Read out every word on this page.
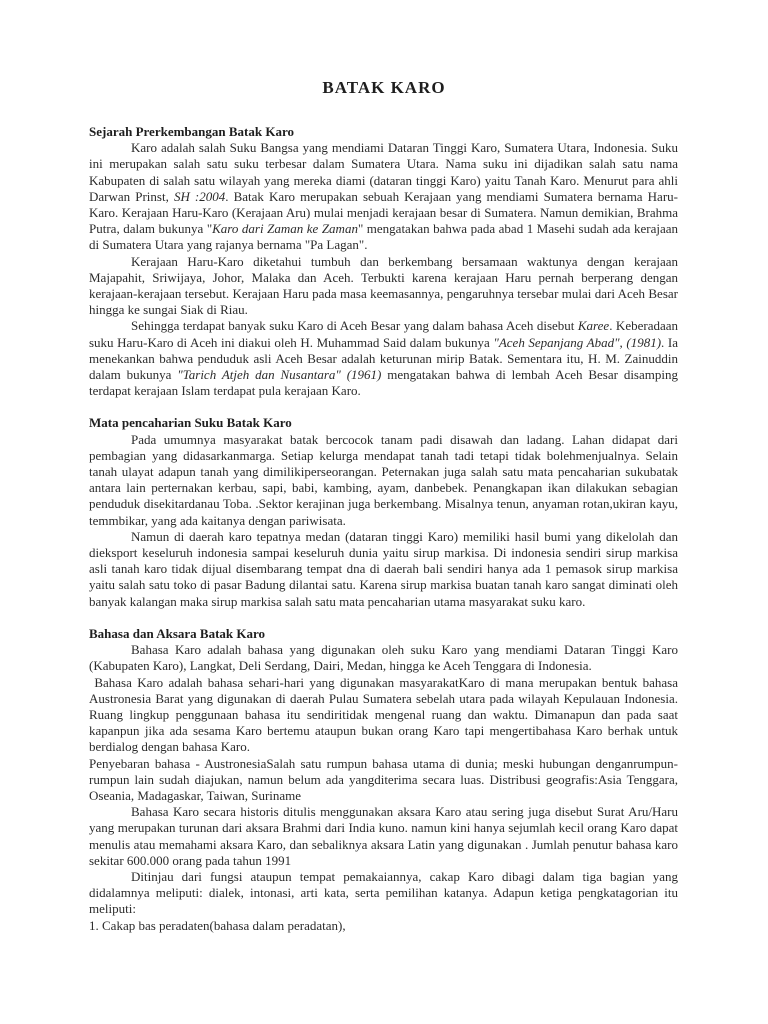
BATAK KARO
Sejarah Prerkembangan Batak Karo

Karo adalah salah Suku Bangsa yang mendiami Dataran Tinggi Karo, Sumatera Utara, Indonesia. Suku ini merupakan salah satu suku terbesar dalam Sumatera Utara. Nama suku ini dijadikan salah satu nama Kabupaten di salah satu wilayah yang mereka diami (dataran tinggi Karo) yaitu Tanah Karo. Menurut para ahli Darwan Prinst, SH :2004. Batak Karo merupakan sebuah Kerajaan yang mendiami Sumatera bernama Haru- Karo. Kerajaan Haru-Karo (Kerajaan Aru) mulai menjadi kerajaan besar di Sumatera. Namun demikian, Brahma Putra, dalam bukunya "Karo dari Zaman ke Zaman" mengatakan bahwa pada abad 1 Masehi sudah ada kerajaan di Sumatera Utara yang rajanya bernama "Pa Lagan".

Kerajaan Haru-Karo diketahui tumbuh dan berkembang bersamaan waktunya dengan kerajaan Majapahit, Sriwijaya, Johor, Malaka dan Aceh. Terbukti karena kerajaan Haru pernah berperang dengan kerajaan-kerajaan tersebut. Kerajaan Haru pada masa keemasannya, pengaruhnya tersebar mulai dari Aceh Besar hingga ke sungai Siak di Riau.

Sehingga terdapat banyak suku Karo di Aceh Besar yang dalam bahasa Aceh disebut Karee. Keberadaan suku Haru-Karo di Aceh ini diakui oleh H. Muhammad Said dalam bukunya "Aceh Sepanjang Abad", (1981). Ia menekankan bahwa penduduk asli Aceh Besar adalah keturunan mirip Batak. Sementara itu, H. M. Zainuddin dalam bukunya "Tarich Atjeh dan Nusantara" (1961) mengatakan bahwa di lembah Aceh Besar disamping terdapat kerajaan Islam terdapat pula kerajaan Karo.

Mata pencaharian Suku Batak Karo

Pada umumnya masyarakat batak bercocok tanam padi disawah dan ladang. Lahan didapat dari pembagian yang didasarkanmarga. Setiap kelurga mendapat tanah tadi tetapi tidak bolehmenjualnya. Selain tanah ulayat adapun tanah yang dimilikiperseorangan. Peternakan juga salah satu mata pencaharian sukubatak antara lain perternakan kerbau, sapi, babi, kambing, ayam, danbebek. Penangkapan ikan dilakukan sebagian penduduk disekitardanau Toba. .Sektor kerajinan juga berkembang. Misalnya tenun, anyaman rotan,ukiran kayu, temmbikar, yang ada kaitanya dengan pariwisata.

Namun di daerah karo tepatnya medan (dataran tinggi Karo) memiliki hasil bumi yang dikelolah dan dieksport keseluruh indonesia sampai keseluruh dunia yaitu sirup markisa. Di indonesia sendiri sirup markisa asli tanah karo tidak dijual disembarang tempat dna di daerah bali sendiri hanya ada 1 pemasok sirup markisa yaitu salah satu toko di pasar Badung dilantai satu. Karena sirup markisa buatan tanah karo sangat diminati oleh banyak kalangan maka sirup markisa salah satu mata pencaharian utama masyarakat suku karo.

Bahasa dan Aksara Batak Karo

Bahasa Karo adalah bahasa yang digunakan oleh suku Karo yang mendiami Dataran Tinggi Karo (Kabupaten Karo), Langkat, Deli Serdang, Dairi, Medan, hingga ke Aceh Tenggara di Indonesia.

Bahasa Karo adalah bahasa sehari-hari yang digunakan masyarakatKaro di mana merupakan bentuk bahasa Austronesia Barat yang digunakan di daerah Pulau Sumatera sebelah utara pada wilayah Kepulauan Indonesia. Ruang lingkup penggunaan bahasa itu sendiritidak mengenal ruang dan waktu. Dimanapun dan pada saat kapanpun jika ada sesama Karo bertemu ataupun bukan orang Karo tapi mengertibahasa Karo berhak untuk berdialog dengan bahasa Karo.

Penyebaran bahasa - AustronesiaSalah satu rumpun bahasa utama di dunia; meski hubungan denganrumpun-rumpun lain sudah diajukan, namun belum ada yangditerima secara luas. Distribusi geografis:Asia Tenggara, Oseania, Madagaskar, Taiwan, Suriname

Bahasa Karo secara historis ditulis menggunakan aksara Karo atau sering juga disebut Surat Aru/Haru yang merupakan turunan dari aksara Brahmi dari India kuno. namun kini hanya sejumlah kecil orang Karo dapat menulis atau memahami aksara Karo, dan sebaliknya aksara Latin yang digunakan . Jumlah penutur bahasa karo sekitar 600.000 orang pada tahun 1991

Ditinjau dari fungsi ataupun tempat pemakaiannya, cakap Karo dibagi dalam tiga bagian yang didalamnya meliputi: dialek, intonasi, arti kata, serta pemilihan katanya. Adapun ketiga pengkatagorian itu meliputi:

1. Cakap bas peradaten(bahasa dalam peradatan),
